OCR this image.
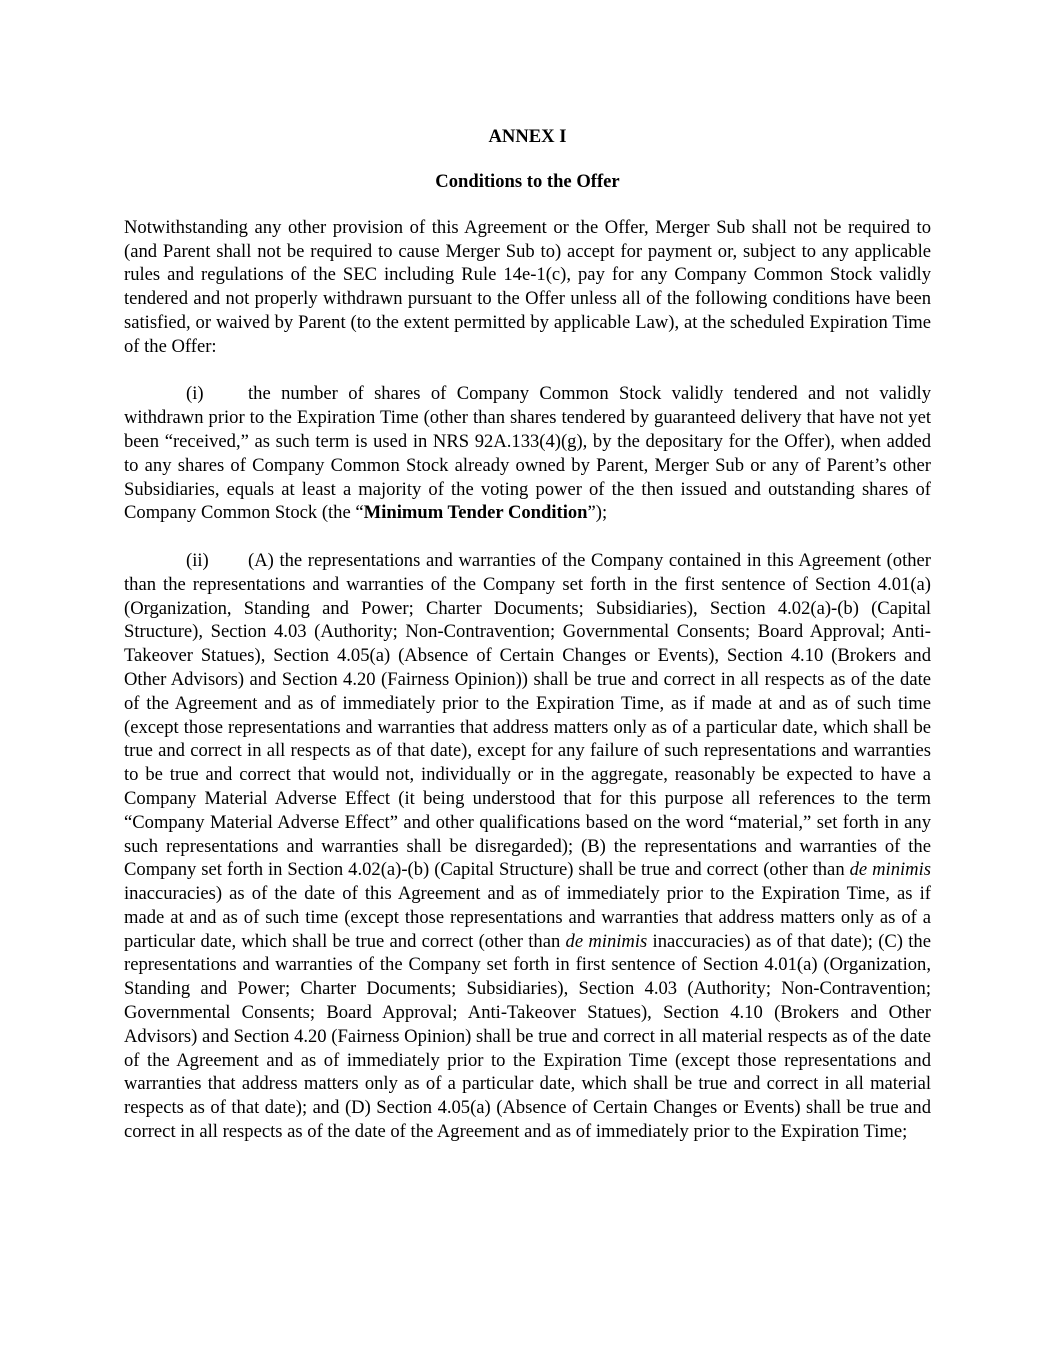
ANNEX I

Conditions to the Offer

Notwithstanding any other provision of this Agreement or the Offer, Merger Sub shall not be required to (and Parent shall not be required to cause Merger Sub to) accept for payment or, subject to any applicable rules and regulations of the SEC including Rule 14e-1(c), pay for any Company Common Stock validly tendered and not properly withdrawn pursuant to the Offer unless all of the following conditions have been satisfied, or waived by Parent (to the extent permitted by applicable Law), at the scheduled Expiration Time of the Offer:

(i) the number of shares of Company Common Stock validly tendered and not validly withdrawn prior to the Expiration Time (other than shares tendered by guaranteed delivery that have not yet been “received,” as such term is used in NRS 92A.133(4)(g), by the depositary for the Offer), when added to any shares of Company Common Stock already owned by Parent, Merger Sub or any of Parent’s other Subsidiaries, equals at least a majority of the voting power of the then issued and outstanding shares of Company Common Stock (the “Minimum Tender Condition”);

(ii) (A) the representations and warranties of the Company contained in this Agreement (other than the representations and warranties of the Company set forth in the first sentence of Section 4.01(a) (Organization, Standing and Power; Charter Documents; Subsidiaries), Section 4.02(a)-(b) (Capital Structure), Section 4.03 (Authority; Non-Contravention; Governmental Consents; Board Approval; Anti-Takeover Statues), Section 4.05(a) (Absence of Certain Changes or Events), Section 4.10 (Brokers and Other Advisors) and Section 4.20 (Fairness Opinion)) shall be true and correct in all respects as of the date of the Agreement and as of immediately prior to the Expiration Time, as if made at and as of such time (except those representations and warranties that address matters only as of a particular date, which shall be true and correct in all respects as of that date), except for any failure of such representations and warranties to be true and correct that would not, individually or in the aggregate, reasonably be expected to have a Company Material Adverse Effect (it being understood that for this purpose all references to the term “Company Material Adverse Effect” and other qualifications based on the word “material,” set forth in any such representations and warranties shall be disregarded); (B) the representations and warranties of the Company set forth in Section 4.02(a)-(b) (Capital Structure) shall be true and correct (other than de minimis inaccuracies) as of the date of this Agreement and as of immediately prior to the Expiration Time, as if made at and as of such time (except those representations and warranties that address matters only as of a particular date, which shall be true and correct (other than de minimis inaccuracies) as of that date); (C) the representations and warranties of the Company set forth in first sentence of Section 4.01(a) (Organization, Standing and Power; Charter Documents; Subsidiaries), Section 4.03 (Authority; Non-Contravention; Governmental Consents; Board Approval; Anti-Takeover Statues), Section 4.10 (Brokers and Other Advisors) and Section 4.20 (Fairness Opinion) shall be true and correct in all material respects as of the date of the Agreement and as of immediately prior to the Expiration Time (except those representations and warranties that address matters only as of a particular date, which shall be true and correct in all material respects as of that date); and (D) Section 4.05(a) (Absence of Certain Changes or Events) shall be true and correct in all respects as of the date of the Agreement and as of immediately prior to the Expiration Time;
